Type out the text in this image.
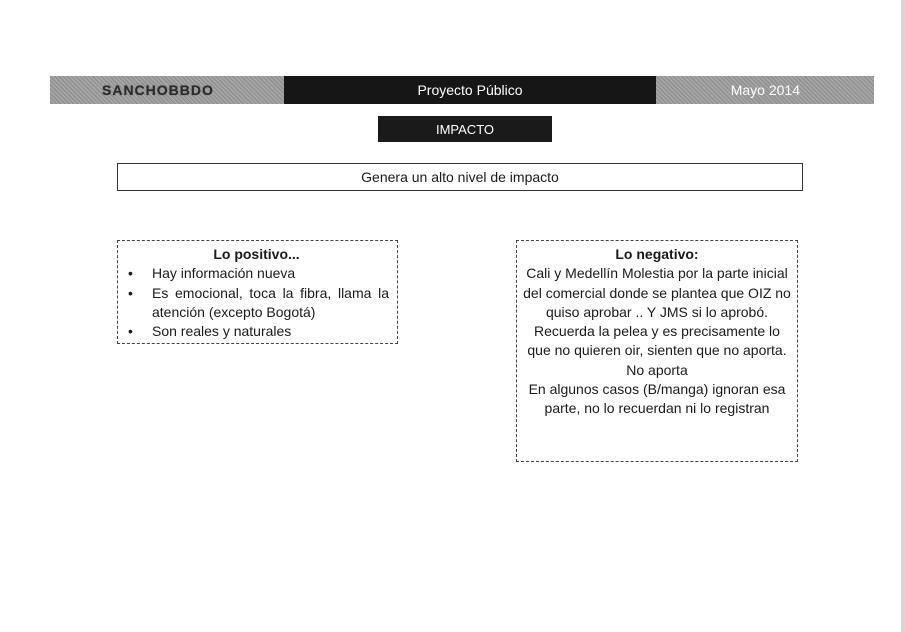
SANCHOBBDO	Proyecto Público	Mayo 2014
IMPACTO
Genera un alto nivel de impacto
Lo positivo...
• Hay información nueva
• Es emocional, toca la fibra, llama la atención (excepto Bogotá)
• Son reales y naturales
Lo negativo:
Cali y Medellín Molestia por la parte inicial del comercial donde se plantea que OIZ no quiso aprobar .. Y JMS si lo aprobó. Recuerda la pelea y es precisamente lo que no quieren oir, sienten que no aporta.
No aporta
En algunos casos (B/manga) ignoran esa parte, no lo recuerdan ni lo registran
